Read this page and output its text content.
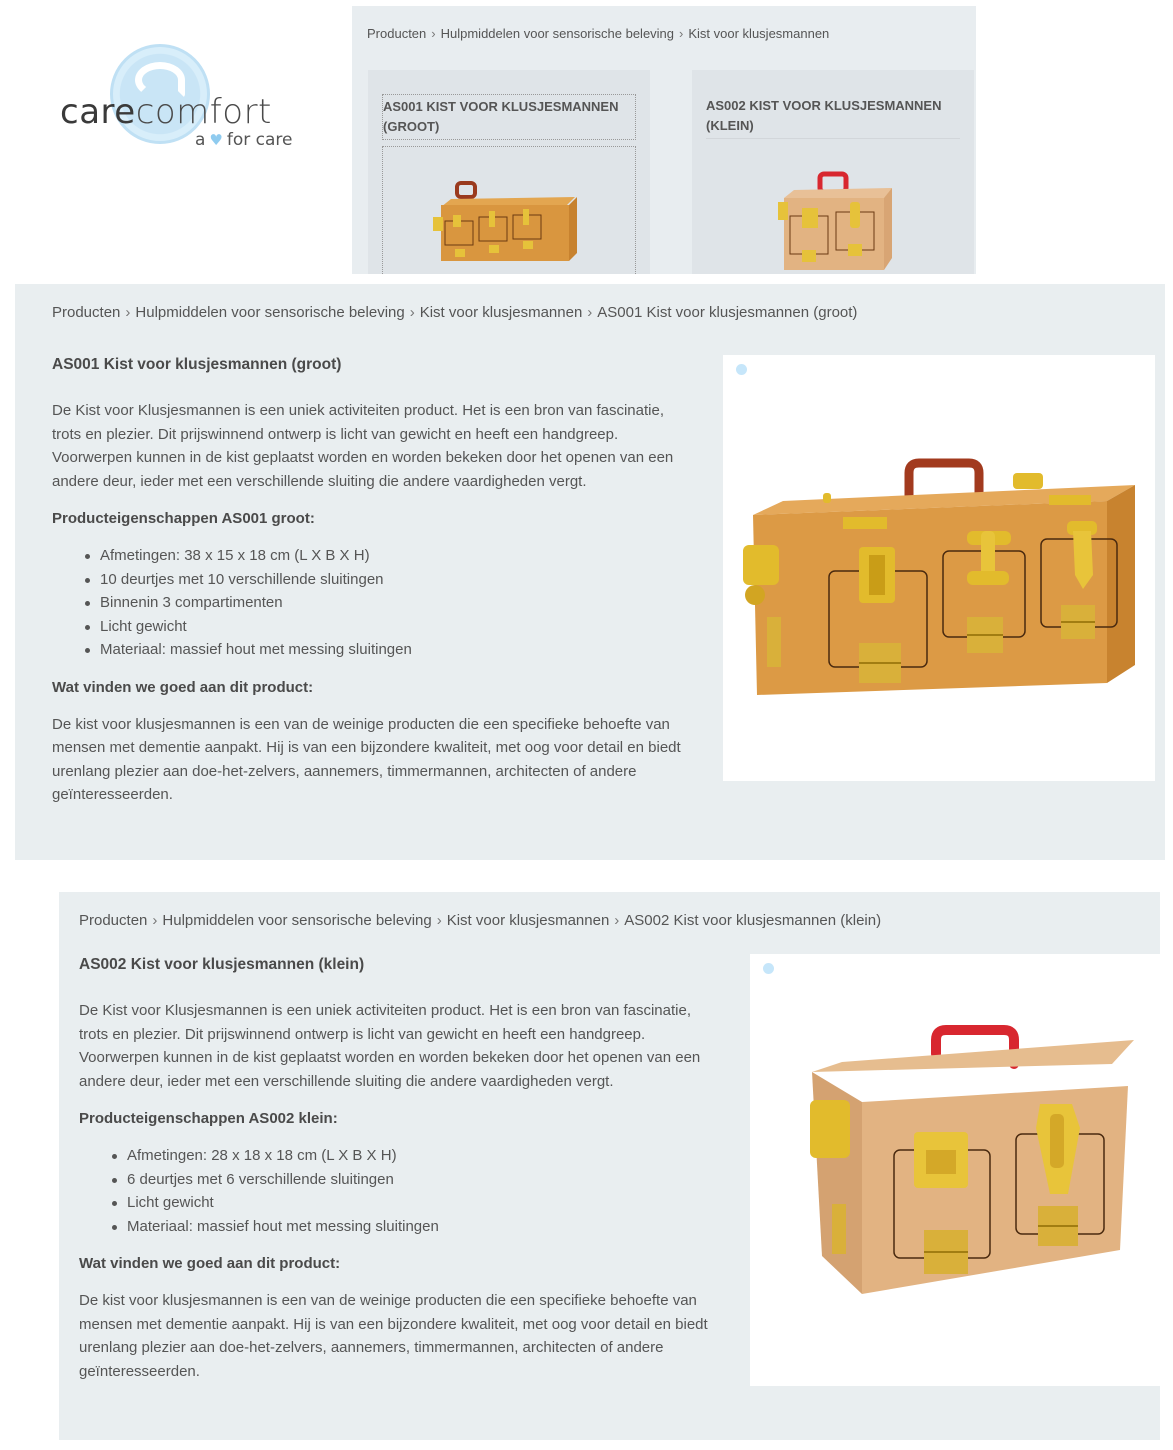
carecomfort
a ♥ for care
Producten › Hulpmiddelen voor sensorische beleving › Kist voor klusjesmannen
AS001 KIST VOOR KLUSJESMANNEN (GROOT)
AS002 KIST VOOR KLUSJESMANNEN (KLEIN)
Producten › Hulpmiddelen voor sensorische beleving › Kist voor klusjesmannen › AS001 Kist voor klusjesmannen (groot)
AS001 Kist voor klusjesmannen (groot)

De Kist voor Klusjesmannen is een uniek activiteiten product. Het is een bron van fascinatie, trots en plezier. Dit prijswinnend ontwerp is licht van gewicht en heeft een handgreep. Voorwerpen kunnen in de kist geplaatst worden en worden bekeken door het openen van een andere deur, ieder met een verschillende sluiting die andere vaardigheden vergt.

Producteigenschappen AS001 groot:

Afmetingen: 38 x 15 x 18 cm (L X B X H)
10 deurtjes met 10 verschillende sluitingen
Binnenin 3 compartimenten
Licht gewicht
Materiaal: massief hout met messing sluitingen

Wat vinden we goed aan dit product:

De kist voor klusjesmannen is een van de weinige producten die een specifieke behoefte van mensen met dementie aanpakt. Hij is van een bijzondere kwaliteit, met oog voor detail en biedt urenlang plezier aan doe-het-zelvers, aannemers, timmermannen, architecten of andere geïnteresseerden.

Producten › Hulpmiddelen voor sensorische beleving › Kist voor klusjesmannen › AS002 Kist voor klusjesmannen (klein)
AS002 Kist voor klusjesmannen (klein)

De Kist voor Klusjesmannen is een uniek activiteiten product. Het is een bron van fascinatie, trots en plezier. Dit prijswinnend ontwerp is licht van gewicht en heeft een handgreep. Voorwerpen kunnen in de kist geplaatst worden en worden bekeken door het openen van een andere deur, ieder met een verschillende sluiting die andere vaardigheden vergt.

Producteigenschappen AS002 klein:

Afmetingen: 28 x 18 x 18 cm (L X B X H)
6 deurtjes met 6 verschillende sluitingen
Licht gewicht
Materiaal: massief hout met messing sluitingen

Wat vinden we goed aan dit product:

De kist voor klusjesmannen is een van de weinige producten die een specifieke behoefte van mensen met dementie aanpakt. Hij is van een bijzondere kwaliteit, met oog voor detail en biedt urenlang plezier aan doe-het-zelvers, aannemers, timmermannen, architecten of andere geïnteresseerden.
